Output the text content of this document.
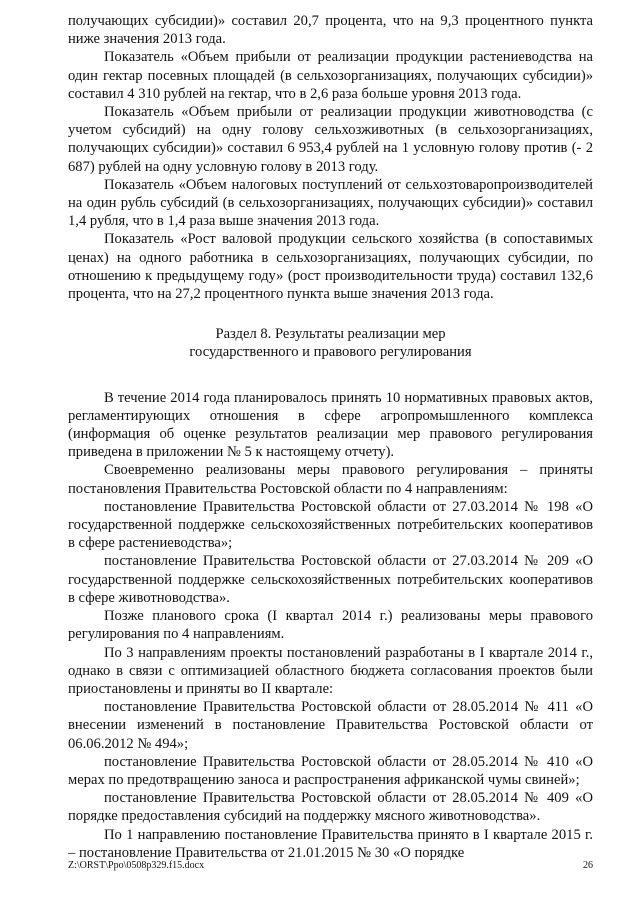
получающих субсидии)» составил 20,7 процента, что на 9,3 процентного пункта ниже значения 2013 года.

Показатель «Объем прибыли от реализации продукции растениеводства на один гектар посевных площадей (в сельхозорганизациях, получающих субсидии)» составил 4 310 рублей на гектар, что в 2,6 раза больше уровня 2013 года.

Показатель «Объем прибыли от реализации продукции животноводства (с учетом субсидий) на одну голову сельхозживотных (в сельхозорганизациях, получающих субсидии)» составил 6 953,4 рублей на 1 условную голову против (- 2 687) рублей на одну условную голову в 2013 году.

Показатель «Объем налоговых поступлений от сельхозтоваропроизводителей на один рубль субсидий (в сельхозорганизациях, получающих субсидии)» составил 1,4 рубля, что в 1,4 раза выше значения 2013 года.

Показатель «Рост валовой продукции сельского хозяйства (в сопоставимых ценах) на одного работника в сельхозорганизациях, получающих субсидии, по отношению к предыдущему году» (рост производительности труда) составил 132,6 процента, что на 27,2 процентного пункта выше значения 2013 года.

Раздел 8. Результаты реализации мер
государственного и правового регулирования

В течение 2014 года планировалось принять 10 нормативных правовых актов, регламентирующих отношения в сфере агропромышленного комплекса (информация об оценке результатов реализации мер правового регулирования приведена в приложении № 5 к настоящему отчету).

Своевременно реализованы меры правового регулирования – приняты постановления Правительства Ростовской области по 4 направлениям:

постановление Правительства Ростовской области от 27.03.2014 № 198 «О государственной поддержке сельскохозяйственных потребительских кооперативов в сфере растениеводства»;

постановление Правительства Ростовской области от 27.03.2014 № 209 «О государственной поддержке сельскохозяйственных потребительских кооперативов в сфере животноводства».

Позже планового срока (I квартал 2014 г.) реализованы меры правового регулирования по 4 направлениям.

По 3 направлениям проекты постановлений разработаны в I квартале 2014 г., однако в связи с оптимизацией областного бюджета согласования проектов были приостановлены и приняты во II квартале:

постановление Правительства Ростовской области от 28.05.2014 № 411 «О внесении изменений в постановление Правительства Ростовской области от 06.06.2012 № 494»;

постановление Правительства Ростовской области от 28.05.2014 № 410 «О мерах по предотвращению заноса и распространения африканской чумы свиней»;

постановление Правительства Ростовской области от 28.05.2014 № 409 «О порядке предоставления субсидий на поддержку мясного животноводства».

По 1 направлению постановление Правительства принято в I квартале 2015 г. – постановление Правительства от 21.01.2015 № 30 «О порядке

Z:\ORST\Ppo\0508p329.f15.docx	26
